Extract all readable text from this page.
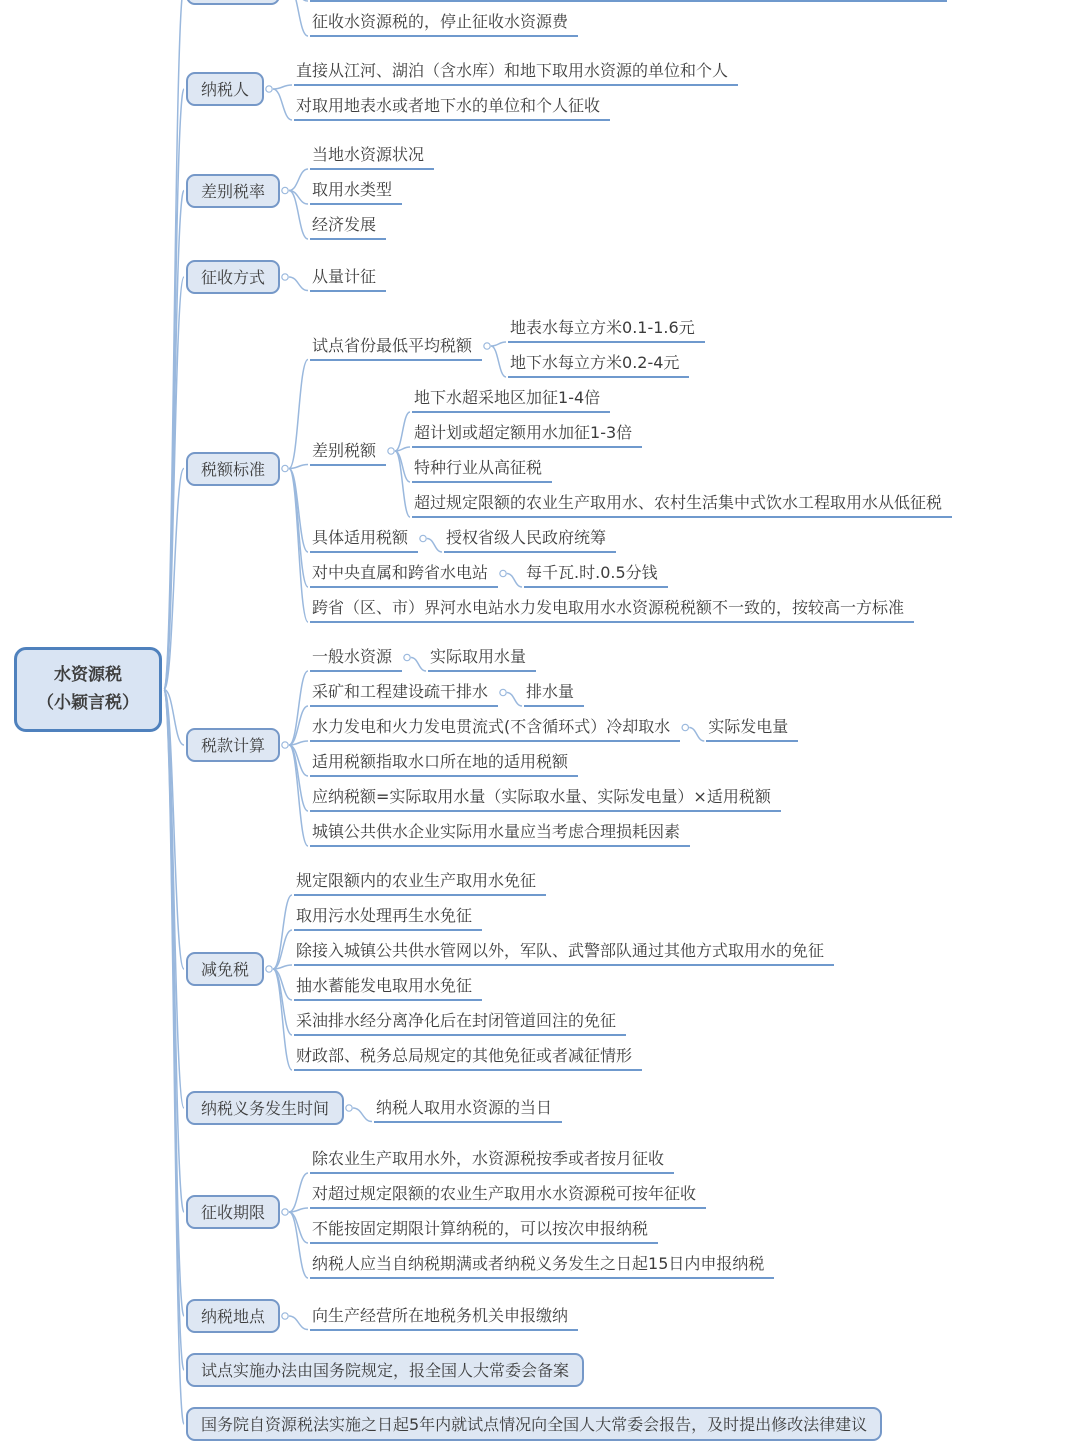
水资源税
（小颖言税）
征收水资源税的，停止征收水资源费
纳税人
直接从江河、湖泊（含水库）和地下取用水资源的单位和个人
对取用地表水或者地下水的单位和个人征收
差别税率
当地水资源状况
取用水类型
经济发展
征收方式	从量计征
税额标准
试点省份最低平均税额
地表水每立方米0.1-1.6元
地下水每立方米0.2-4元
差别税额
地下水超采地区加征1-4倍
超计划或超定额用水加征1-3倍
特种行业从高征税
超过规定限额的农业生产取用水、农村生活集中式饮水工程取用水从低征税
具体适用税额	授权省级人民政府统筹
对中央直属和跨省水电站	每千瓦.时.0.5分钱
跨省（区、市）界河水电站水力发电取用水水资源税税额不一致的，按较高一方标准
税款计算
一般水资源	实际取用水量
采矿和工程建设疏干排水	排水量
水力发电和火力发电贯流式(不含循环式）冷却取水	实际发电量
适用税额指取水口所在地的适用税额
应纳税额=实际取用水量（实际取水量、实际发电量）×适用税额
城镇公共供水企业实际用水量应当考虑合理损耗因素
减免税
规定限额内的农业生产取用水免征
取用污水处理再生水免征
除接入城镇公共供水管网以外，军队、武警部队通过其他方式取用水的免征
抽水蓄能发电取用水免征
采油排水经分离净化后在封闭管道回注的免征
财政部、税务总局规定的其他免征或者减征情形
纳税义务发生时间	纳税人取用水资源的当日
征收期限
除农业生产取用水外，水资源税按季或者按月征收
对超过规定限额的农业生产取用水水资源税可按年征收
不能按固定期限计算纳税的，可以按次申报纳税
纳税人应当自纳税期满或者纳税义务发生之日起15日内申报纳税
纳税地点	向生产经营所在地税务机关申报缴纳
试点实施办法由国务院规定，报全国人大常委会备案
国务院自资源税法实施之日起5年内就试点情况向全国人大常委会报告，及时提出修改法律建议
